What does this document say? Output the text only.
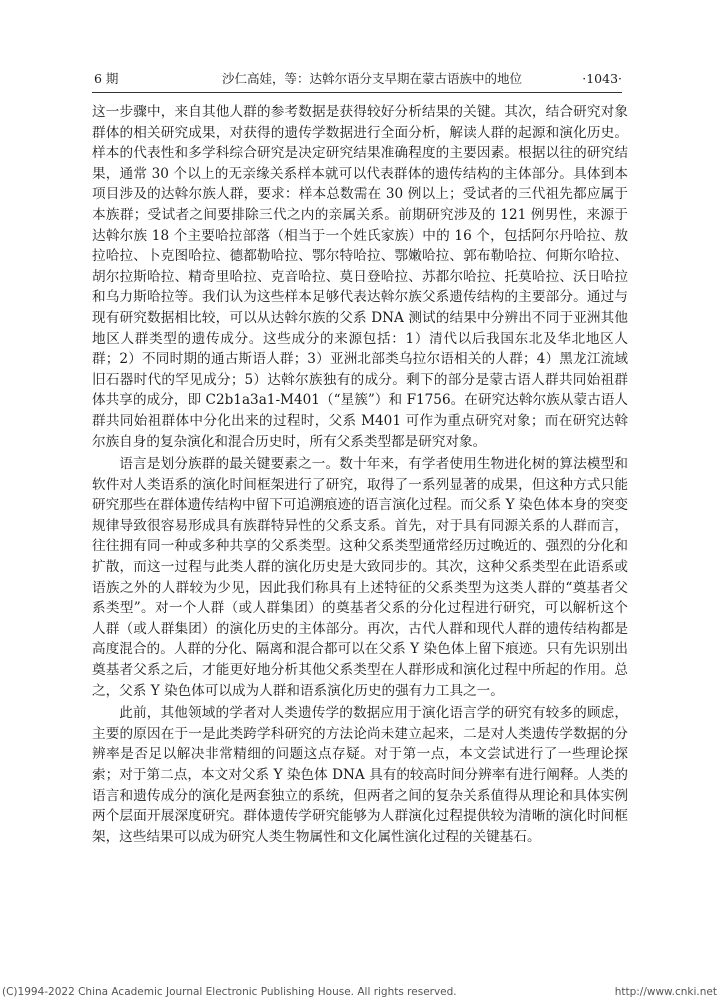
6 期	沙仁高娃，等：达斡尔语分支早期在蒙古语族中的地位	·1043·

这一步骤中，来自其他人群的参考数据是获得较好分析结果的关键。其次，结合研究对象群体的相关研究成果，对获得的遗传学数据进行全面分析，解读人群的起源和演化历史。样本的代表性和多学科综合研究是决定研究结果准确程度的主要因素。根据以往的研究结果，通常 30 个以上的无亲缘关系样本就可以代表群体的遗传结构的主体部分。具体到本项目涉及的达斡尔族人群，要求：样本总数需在 30 例以上；受试者的三代祖先都应属于本族群；受试者之间要排除三代之内的亲属关系。前期研究涉及的 121 例男性，来源于达斡尔族 18 个主要哈拉部落（相当于一个姓氏家族）中的 16 个，包括阿尔丹哈拉、敖拉哈拉、卜克图哈拉、德都勒哈拉、鄂尔特哈拉、鄂嫩哈拉、郭布勒哈拉、何斯尔哈拉、胡尔拉斯哈拉、精奇里哈拉、克音哈拉、莫日登哈拉、苏都尔哈拉、托莫哈拉、沃日哈拉和乌力斯哈拉等。我们认为这些样本足够代表达斡尔族父系遗传结构的主要部分。通过与现有研究数据相比较，可以从达斡尔族的父系 DNA 测试的结果中分辨出不同于亚洲其他地区人群类型的遗传成分。这些成分的来源包括：1）清代以后我国东北及华北地区人群；2）不同时期的通古斯语人群；3）亚洲北部类乌拉尔语相关的人群；4）黑龙江流域旧石器时代的罕见成分；5）达斡尔族独有的成分。剩下的部分是蒙古语人群共同始祖群体共享的成分，即 C2b1a3a1-M401（“星簇”）和 F1756。在研究达斡尔族从蒙古语人群共同始祖群体中分化出来的过程时，父系 M401 可作为重点研究对象；而在研究达斡尔族自身的复杂演化和混合历史时，所有父系类型都是研究对象。

语言是划分族群的最关键要素之一。数十年来，有学者使用生物进化树的算法模型和软件对人类语系的演化时间框架进行了研究，取得了一系列显著的成果，但这种方式只能研究那些在群体遗传结构中留下可追溯痕迹的语言演化过程。而父系 Y 染色体本身的突变规律导致很容易形成具有族群特异性的父系支系。首先，对于具有同源关系的人群而言，往往拥有同一种或多种共享的父系类型。这种父系类型通常经历过晚近的、强烈的分化和扩散，而这一过程与此类人群的演化历史是大致同步的。其次，这种父系类型在此语系或语族之外的人群较为少见，因此我们称具有上述特征的父系类型为这类人群的“奠基者父系类型”。对一个人群（或人群集团）的奠基者父系的分化过程进行研究，可以解析这个人群（或人群集团）的演化历史的主体部分。再次，古代人群和现代人群的遗传结构都是高度混合的。人群的分化、隔离和混合都可以在父系 Y 染色体上留下痕迹。只有先识别出奠基者父系之后，才能更好地分析其他父系类型在人群形成和演化过程中所起的作用。总之，父系 Y 染色体可以成为人群和语系演化历史的强有力工具之一。

此前，其他领域的学者对人类遗传学的数据应用于演化语言学的研究有较多的顾虑，主要的原因在于一是此类跨学科研究的方法论尚未建立起来，二是对人类遗传学数据的分辨率是否足以解决非常精细的问题这点存疑。对于第一点，本文尝试进行了一些理论探索；对于第二点，本文对父系 Y 染色体 DNA 具有的较高时间分辨率有进行阐释。人类的语言和遗传成分的演化是两套独立的系统，但两者之间的复杂关系值得从理论和具体实例两个层面开展深度研究。群体遗传学研究能够为人群演化过程提供较为清晰的演化时间框架，这些结果可以成为研究人类生物属性和文化属性演化过程的关键基石。

(C)1994-2022 China Academic Journal Electronic Publishing House. All rights reserved.	http://www.cnki.net
